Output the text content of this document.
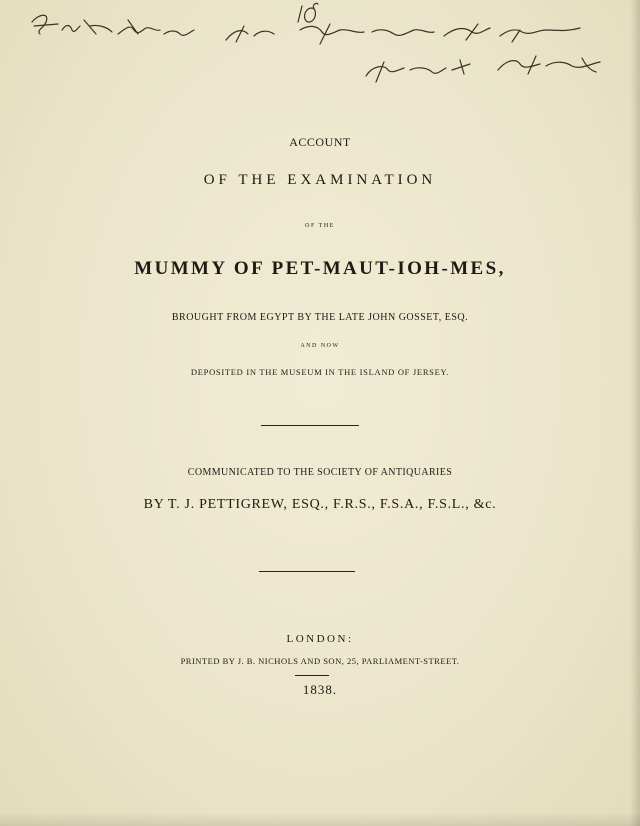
ACCOUNT
OF THE EXAMINATION
OF THE
MUMMY OF PET-MAUT-IOH-MES,
BROUGHT FROM EGYPT BY THE LATE JOHN GOSSET, ESQ.
AND NOW
DEPOSITED IN THE MUSEUM IN THE ISLAND OF JERSEY.
COMMUNICATED TO THE SOCIETY OF ANTIQUARIES
BY T. J. PETTIGREW, ESQ., F.R.S., F.S.A., F.S.L., &c.
LONDON:
PRINTED BY J. B. NICHOLS AND SON, 25, PARLIAMENT-STREET.
1838.
